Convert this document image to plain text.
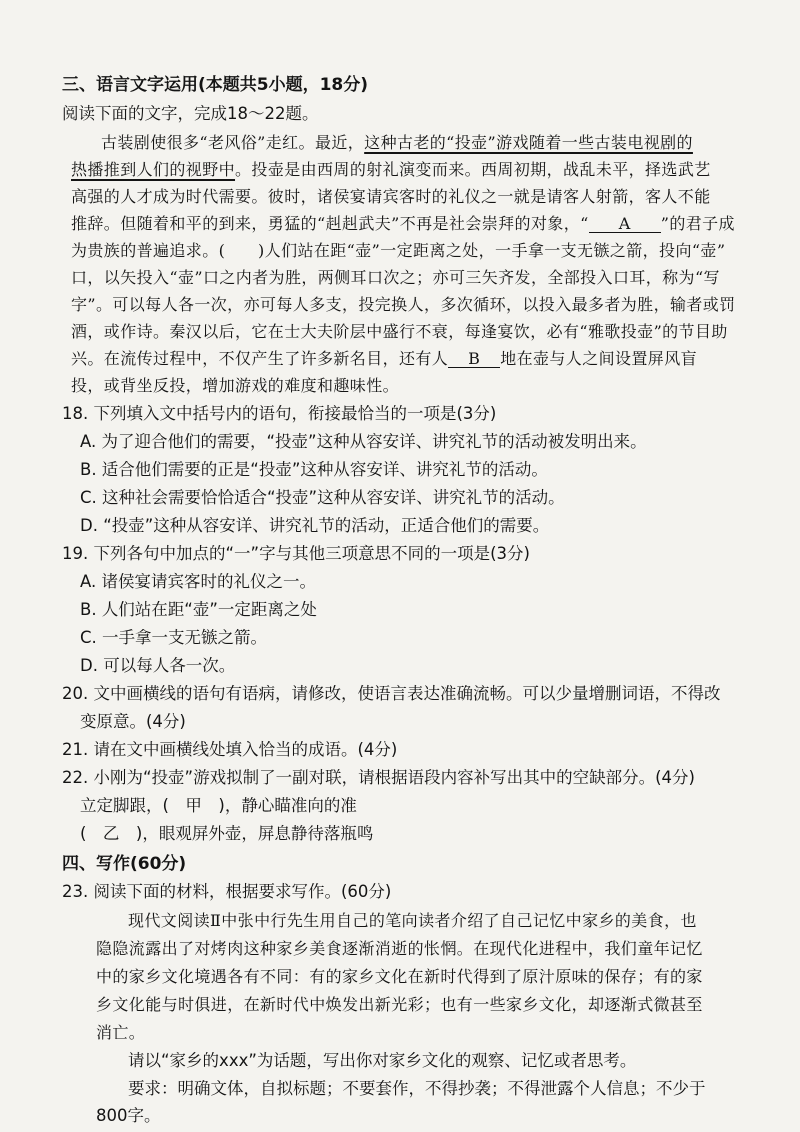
三、语言文字运用(本题共5小题，18分)
阅读下面的文字，完成18～22题。
古装剧使很多“老风俗”走红。最近，这种古老的“投壶”游戏随着一些古装电视剧的
热播推到人们的视野中。投壶是由西周的射礼演变而来。西周初期，战乱未平，择选武艺
高强的人才成为时代需要。彼时，诸侯宴请宾客时的礼仪之一就是请客人射箭，客人不能
推辞。但随着和平的到来，勇猛的“赳赳武夫”不再是社会崇拜的对象，“ A ”的君子成
为贵族的普遍追求。(　　)人们站在距“壶”一定距离之处，一手拿一支无镞之箭，投向“壶”
口，以矢投入“壶”口之内者为胜，两侧耳口次之；亦可三矢齐发，全部投入口耳，称为“写
字”。可以每人各一次，亦可每人多支，投完换人，多次循环，以投入最多者为胜，输者或罚
酒，或作诗。秦汉以后，它在士大夫阶层中盛行不衰，每逢宴饮，必有“雅歌投壶”的节目助
兴。在流传过程中，不仅产生了许多新名目，还有人 B 地在壶与人之间设置屏风盲
投，或背坐反投，增加游戏的难度和趣味性。
18. 下列填入文中括号内的语句，衔接最恰当的一项是(3分)
A. 为了迎合他们的需要，“投壶”这种从容安详、讲究礼节的活动被发明出来。
B. 适合他们需要的正是“投壶”这种从容安详、讲究礼节的活动。
C. 这种社会需要恰恰适合“投壶”这种从容安详、讲究礼节的活动。
D. “投壶”这种从容安详、讲究礼节的活动，正适合他们的需要。
19. 下列各句中加点的“一”字与其他三项意思不同的一项是(3分)
A. 诸侯宴请宾客时的礼仪之一。
B. 人们站在距“壶”一定距离之处
C. 一手拿一支无镞之箭。
D. 可以每人各一次。
20. 文中画横线的语句有语病，请修改，使语言表达准确流畅。可以少量增删词语，不得改
变原意。(4分)
21. 请在文中画横线处填入恰当的成语。(4分)
22. 小刚为“投壶”游戏拟制了一副对联，请根据语段内容补写出其中的空缺部分。(4分)
立定脚跟，(　甲　)，静心瞄准向的准
(　乙　)，眼观屏外壶，屏息静待落瓶鸣
四、写作(60分)
23. 阅读下面的材料，根据要求写作。(60分)
现代文阅读Ⅱ中张中行先生用自己的笔向读者介绍了自己记忆中家乡的美食，也
隐隐流露出了对烤肉这种家乡美食逐渐消逝的怅惘。在现代化进程中，我们童年记忆
中的家乡文化境遇各有不同：有的家乡文化在新时代得到了原汁原味的保存；有的家
乡文化能与时俱进，在新时代中焕发出新光彩；也有一些家乡文化，却逐渐式微甚至
消亡。
请以“家乡的xxx”为话题，写出你对家乡文化的观察、记忆或者思考。
要求：明确文体，自拟标题；不要套作，不得抄袭；不得泄露个人信息；不少于
800字。
